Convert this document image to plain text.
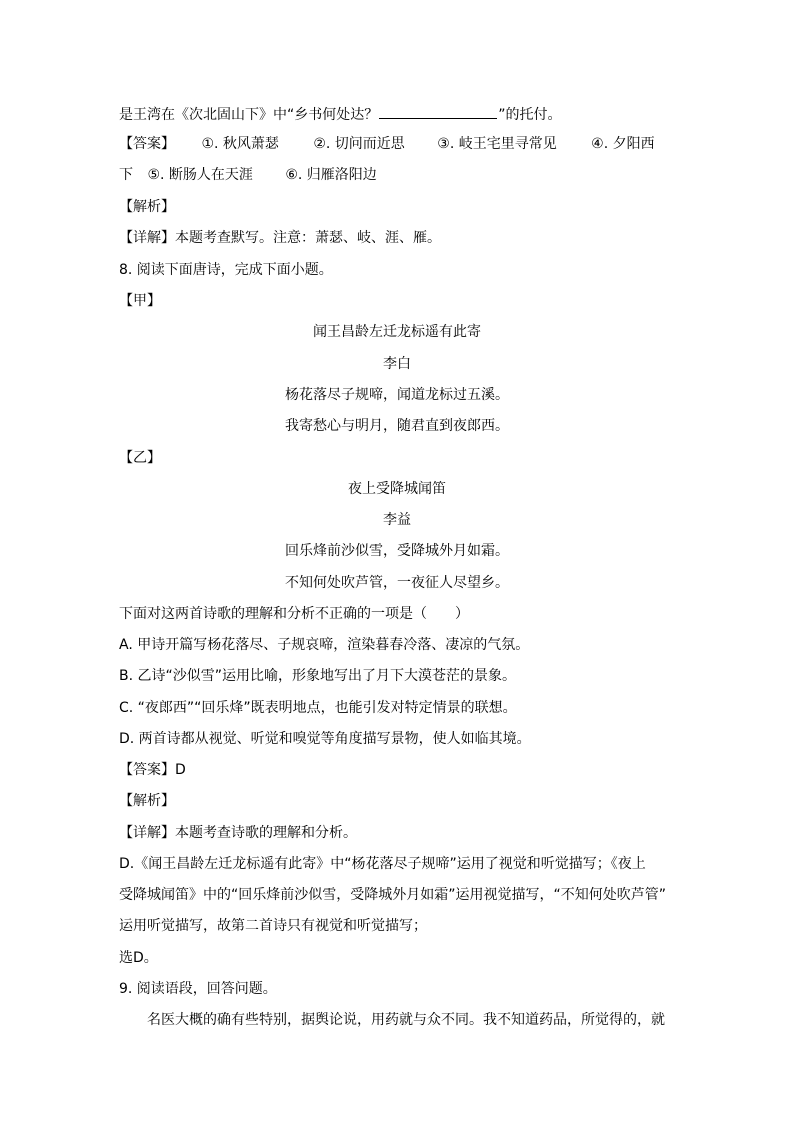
是王湾在《次北固山下》中“乡书何处达？	”的托付。
【答案】 ①. 秋风萧瑟 ②. 切问而近思 ③. 岐王宅里寻常见 ④. 夕阳西
下 ⑤. 断肠人在天涯 ⑥. 归雁洛阳边
【解析】
【详解】本题考查默写。注意：萧瑟、岐、涯、雁。
8. 阅读下面唐诗，完成下面小题。
【甲】
闻王昌龄左迁龙标遥有此寄
李白
杨花落尽子规啼，闻道龙标过五溪。
我寄愁心与明月，随君直到夜郎西。
【乙】
夜上受降城闻笛
李益
回乐烽前沙似雪，受降城外月如霜。
不知何处吹芦管，一夜征人尽望乡。
下面对这两首诗歌的理解和分析不正确的一项是（　　）
A. 甲诗开篇写杨花落尽、子规哀啼，渲染暮春冷落、凄凉的气氛。
B. 乙诗“沙似雪”运用比喻，形象地写出了月下大漠苍茫的景象。
C. “夜郎西”“回乐烽”既表明地点，也能引发对特定情景的联想。
D. 两首诗都从视觉、听觉和嗅觉等角度描写景物，使人如临其境。
【答案】D
【解析】
【详解】本题考查诗歌的理解和分析。
D.《闻王昌龄左迁龙标遥有此寄》中“杨花落尽子规啼”运用了视觉和听觉描写；《夜上
受降城闻笛》中的“回乐烽前沙似雪，受降城外月如霜”运用视觉描写，“不知何处吹芦管”
运用听觉描写，故第二首诗只有视觉和听觉描写；
选D。
9. 阅读语段，回答问题。
名医大概的确有些特别，据舆论说，用药就与众不同。我不知道药品，所觉得的，就
